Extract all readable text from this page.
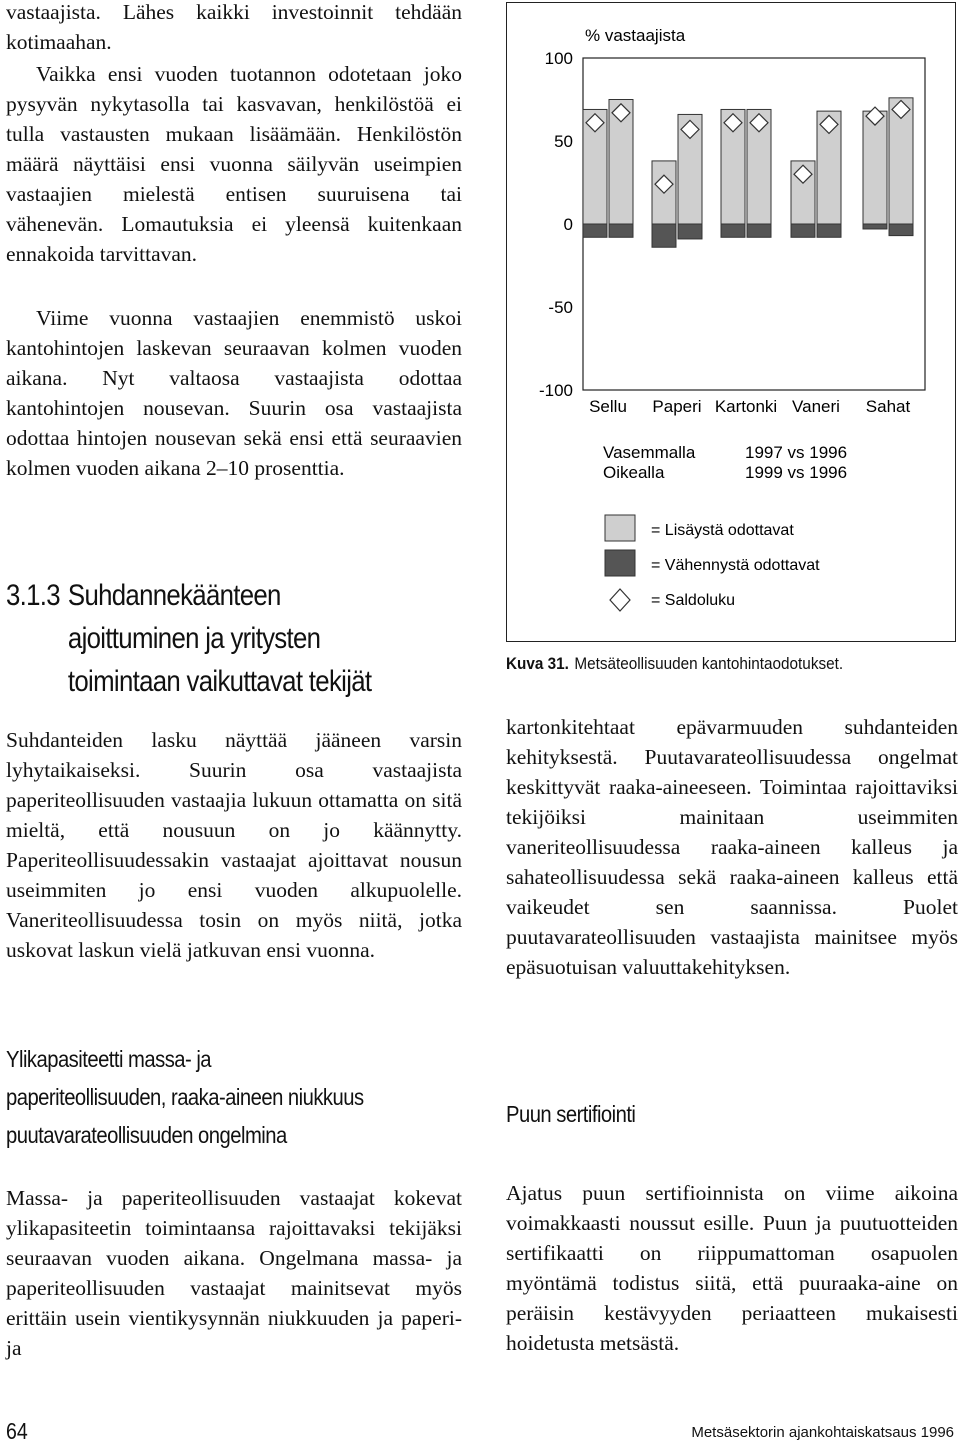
vastaajista. Lähes kaikki investoinnit tehdään kotimaahan.

Vaikka ensi vuoden tuotannon odotetaan joko pysyvän nykytasolla tai kasvavan, henkilöstöä ei tulla vastausten mukaan lisäämään. Henkilöstön määrä näyttäisi ensi vuonna säilyvän useimpien vastaajien mielestä entisen suuruisena tai vähenevän. Lomautuksia ei yleensä kuitenkaan ennakoida tarvittavan.

Viime vuonna vastaajien enemmistö uskoi kantohintojen laskevan seuraavan kolmen vuoden aikana. Nyt valtaosa vastaajista odottaa kantohintojen nousevan. Suurin osa vastaajista odottaa hintojen nousevan sekä ensi että seuraavien kolmen vuoden aikana 2–10 prosenttia.

3.1.3 Suhdannekäänteen ajoittuminen ja yritysten toimintaan vaikuttavat tekijät

Suhdanteiden lasku näyttää jääneen varsin lyhytaikaiseksi. Suurin osa vastaajista paperiteollisuuden vastaajia lukuun ottamatta on sitä mieltä, että nousuun on jo käännytty. Paperiteollisuudessakin vastaajat ajoittavat nousun useimmiten jo ensi vuoden alkupuolelle. Vaneriteollisuudessa tosin on myös niitä, jotka uskovat laskun vielä jatkuvan ensi vuonna.

Ylikapasiteetti massa- ja
paperiteollisuuden, raaka-aineen niukkuus
puutavarateollisuuden ongelmina

Massa- ja paperiteollisuuden vastaajat kokevat ylikapasiteetin toimintaansa rajoittavaksi tekijäksi seuraavan vuoden aikana. Ongelmana massa- ja paperiteollisuuden vastaajat mainitsevat myös erittäin usein vientikysynnän niukkuuden ja paperi- ja

% vastaajista
100
50
0
-50
-100
Sellu Paperi Kartonki Vaneri Sahat
Vasemmalla	1997 vs 1996
Oikealla	1999 vs 1996
= Lisäystä odottavat
= Vähennystä odottavat
= Saldoluku
Kuva 31. Metsäteollisuuden kantohintaodotukset.

kartonkitehtaat epävarmuuden suhdanteiden kehityksestä. Puutavarateollisuudessa ongelmat keskittyvät raaka-aineeseen. Toimintaa rajoittaviksi tekijöiksi mainitaan useimmiten vaneriteollisuudessa raaka-aineen kalleus ja sahateollisuudessa sekä raaka-aineen kalleus että vaikeudet sen saannissa. Puolet puutavarateollisuuden vastaajista mainitsee myös epäsuotuisan valuuttakehityksen.

Puun sertifiointi

Ajatus puun sertifioinnista on viime aikoina voimakkaasti noussut esille. Puun ja puutuotteiden sertifikaatti on riippumattoman osapuolen myöntämä todistus siitä, että puuraaka-aine on peräisin kestävyyden periaatteen mukaisesti hoidetusta metsästä.

64	Metsäsektorin ajankohtaiskatsaus 1996
